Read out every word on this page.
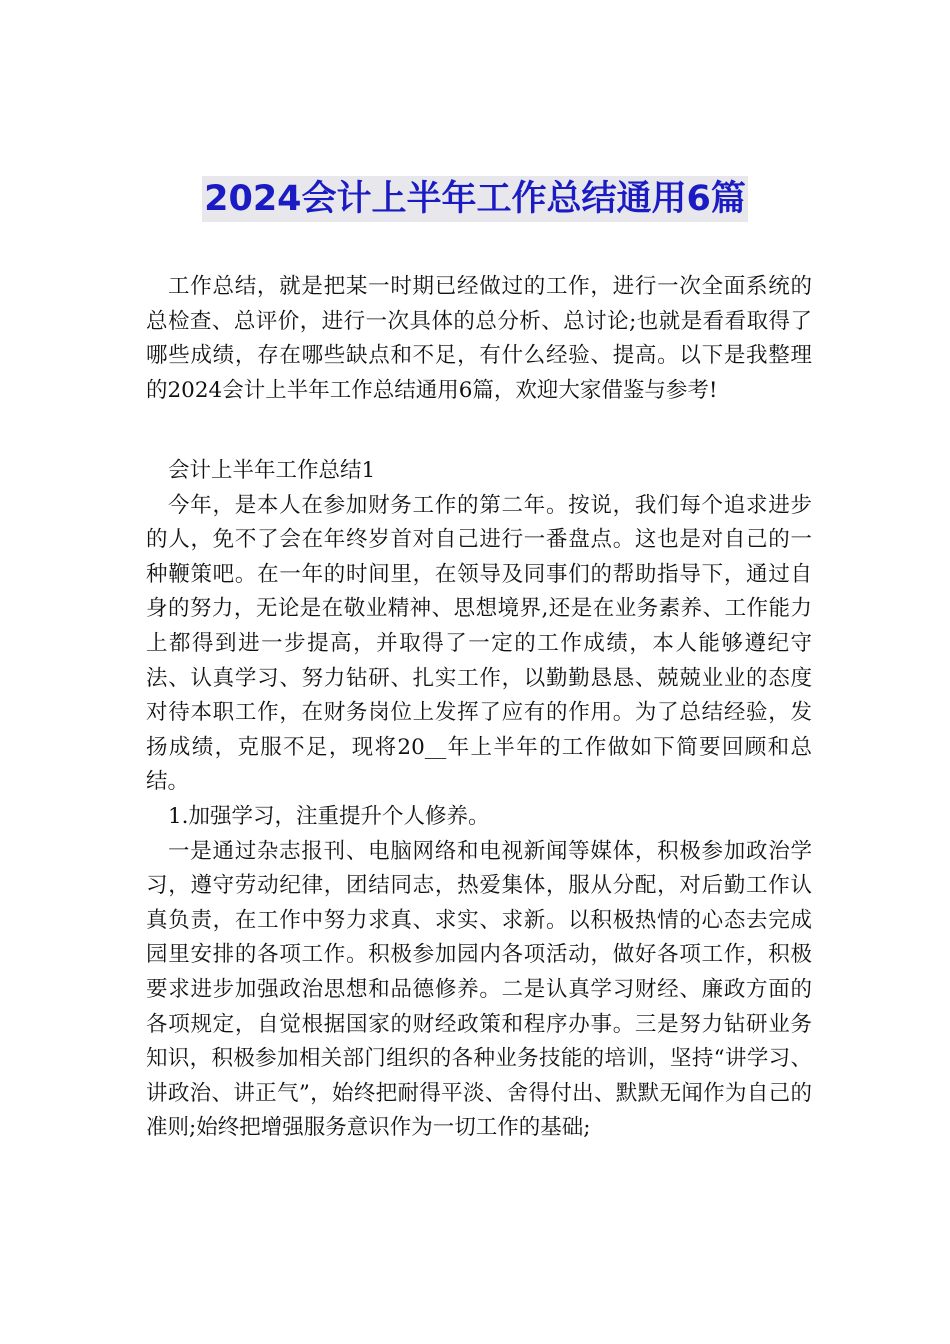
2024会计上半年工作总结通用6篇

工作总结，就是把某一时期已经做过的工作，进行一次全面系统的总检查、总评价，进行一次具体的总分析、总讨论;也就是看看取得了哪些成绩，存在哪些缺点和不足，有什么经验、提高。以下是我整理的2024会计上半年工作总结通用6篇，欢迎大家借鉴与参考!

会计上半年工作总结1

今年，是本人在参加财务工作的第二年。按说，我们每个追求进步的人，免不了会在年终岁首对自己进行一番盘点。这也是对自己的一种鞭策吧。在一年的时间里，在领导及同事们的帮助指导下，通过自身的努力，无论是在敬业精神、思想境界,还是在业务素养、工作能力上都得到进一步提高，并取得了一定的工作成绩，本人能够遵纪守法、认真学习、努力钻研、扎实工作，以勤勤恳恳、兢兢业业的态度对待本职工作，在财务岗位上发挥了应有的作用。为了总结经验，发扬成绩，克服不足，现将20__年上半年的工作做如下简要回顾和总结。

1.加强学习，注重提升个人修养。

一是通过杂志报刊、电脑网络和电视新闻等媒体，积极参加政治学习，遵守劳动纪律，团结同志，热爱集体，服从分配，对后勤工作认真负责，在工作中努力求真、求实、求新。以积极热情的心态去完成园里安排的各项工作。积极参加园内各项活动，做好各项工作，积极要求进步加强政治思想和品德修养。二是认真学习财经、廉政方面的各项规定，自觉根据国家的财经政策和程序办事。三是努力钻研业务知识，积极参加相关部门组织的各种业务技能的培训，坚持“讲学习、讲政治、讲正气”，始终把耐得平淡、舍得付出、默默无闻作为自己的准则;始终把增强服务意识作为一切工作的基础;
